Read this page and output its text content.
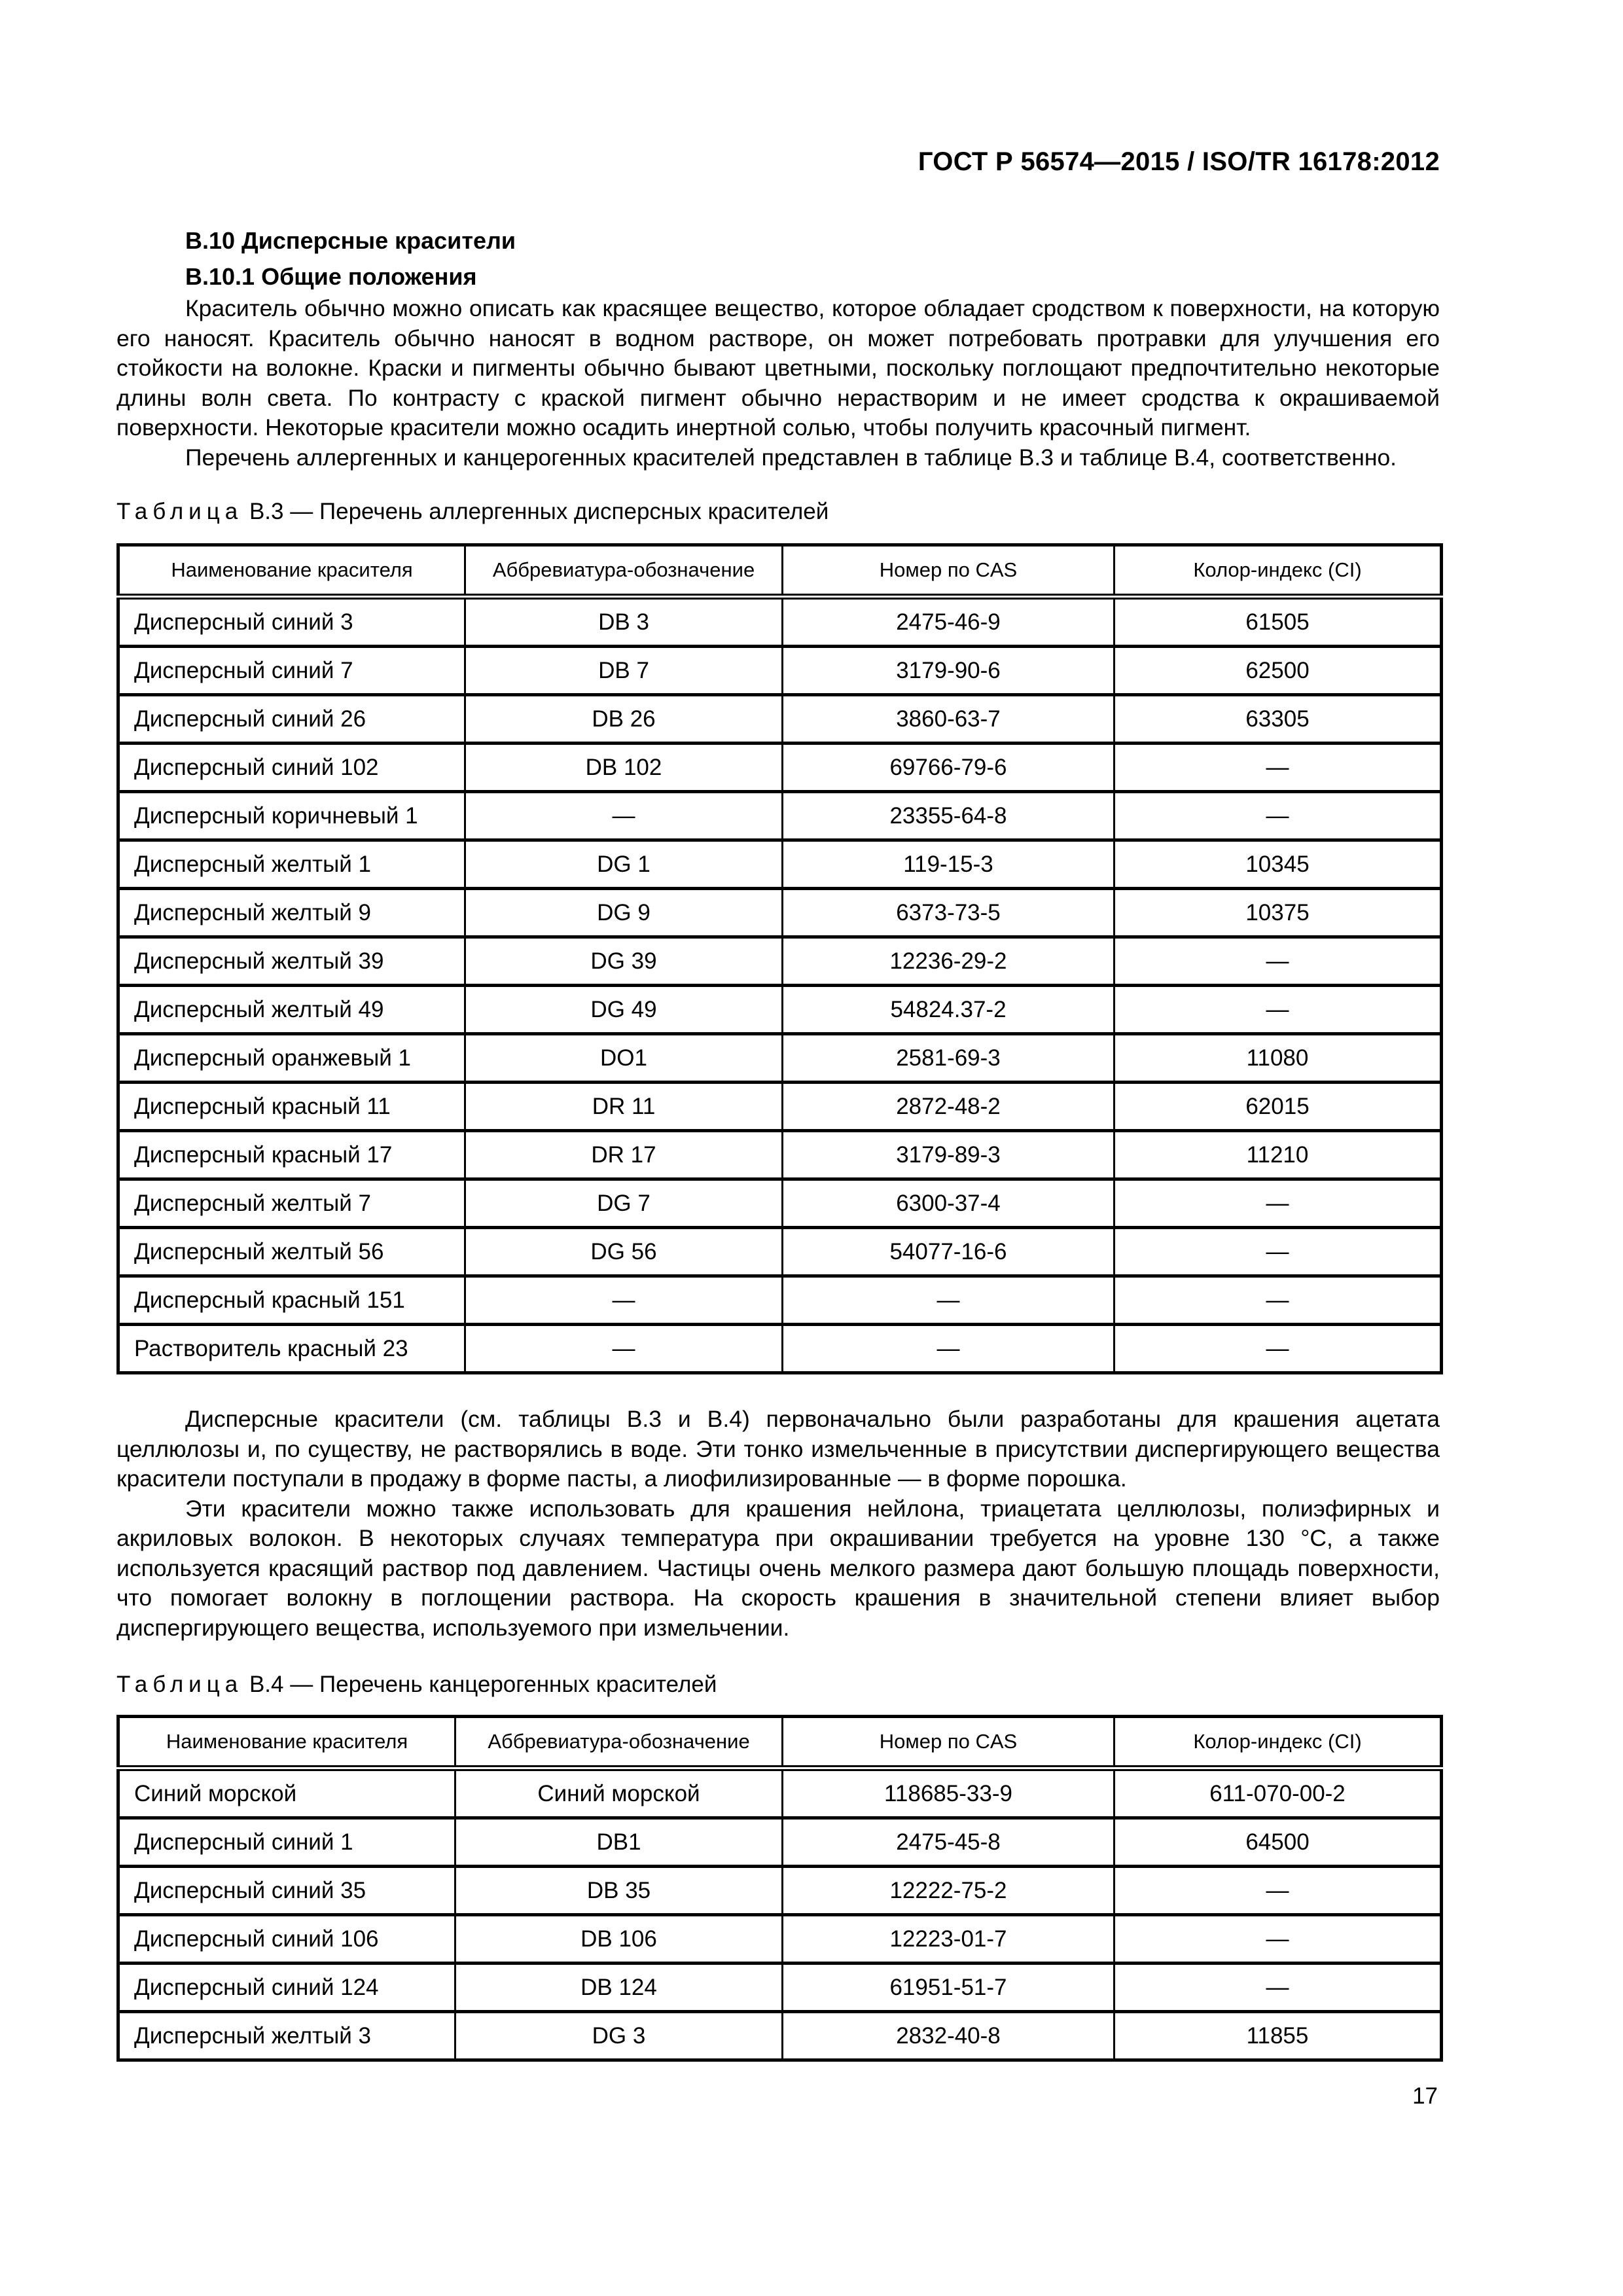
ГОСТ Р 56574—2015 / ISO/TR 16178:2012
B.10 Дисперсные красители
B.10.1 Общие положения

Краситель обычно можно описать как красящее вещество, которое обладает сродством к поверхности, на которую его наносят. Краситель обычно наносят в водном растворе, он может потребовать протравки для улучшения его стойкости на волокне. Краски и пигменты обычно бывают цветными, поскольку поглощают предпочтительно некоторые длины волн света. По контрасту с краской пигмент обычно нерастворим и не имеет сродства к окрашиваемой поверхности. Некоторые красители можно осадить инертной солью, чтобы получить красочный пигмент.

Перечень аллергенных и канцерогенных красителей представлен в таблице B.3 и таблице B.4, соответственно.

Таблица B.3 — Перечень аллергенных дисперсных красителей
Наименование красителя	Аббревиатура-обозначение	Номер по CAS	Колор-индекс (CI)
Дисперсный синий 3	DB 3	2475-46-9	61505
Дисперсный синий 7	DB 7	3179-90-6	62500
Дисперсный синий 26	DB 26	3860-63-7	63305
Дисперсный синий 102	DB 102	69766-79-6	—
Дисперсный коричневый 1	—	23355-64-8	—
Дисперсный желтый 1	DG 1	119-15-3	10345
Дисперсный желтый 9	DG 9	6373-73-5	10375
Дисперсный желтый 39	DG 39	12236-29-2	—
Дисперсный желтый 49	DG 49	54824.37-2	—
Дисперсный оранжевый 1	DO1	2581-69-3	11080
Дисперсный красный 11	DR 11	2872-48-2	62015
Дисперсный красный 17	DR 17	3179-89-3	11210
Дисперсный желтый 7	DG 7	6300-37-4	—
Дисперсный желтый 56	DG 56	54077-16-6	—
Дисперсный красный 151	—	—	—
Растворитель красный 23	—	—	—

Дисперсные красители (см. таблицы B.3 и B.4) первоначально были разработаны для крашения ацетата целлюлозы и, по существу, не растворялись в воде. Эти тонко измельченные в присутствии диспергирующего вещества красители поступали в продажу в форме пасты, а лиофилизированные — в форме порошка.

Эти красители можно также использовать для крашения нейлона, триацетата целлюлозы, полиэфирных и акриловых волокон. В некоторых случаях температура при окрашивании требуется на уровне 130 °C, а также используется красящий раствор под давлением. Частицы очень мелкого размера дают большую площадь поверхности, что помогает волокну в поглощении раствора. На скорость крашения в значительной степени влияет выбор диспергирующего вещества, используемого при измельчении.

Таблица B.4 — Перечень канцерогенных красителей
Наименование красителя	Аббревиатура-обозначение	Номер по CAS	Колор-индекс (CI)
Синий морской	Синий морской	118685-33-9	611-070-00-2
Дисперсный синий 1	DB1	2475-45-8	64500
Дисперсный синий 35	DB 35	12222-75-2	—
Дисперсный синий 106	DB 106	12223-01-7	—
Дисперсный синий 124	DB 124	61951-51-7	—
Дисперсный желтый 3	DG 3	2832-40-8	11855
17
